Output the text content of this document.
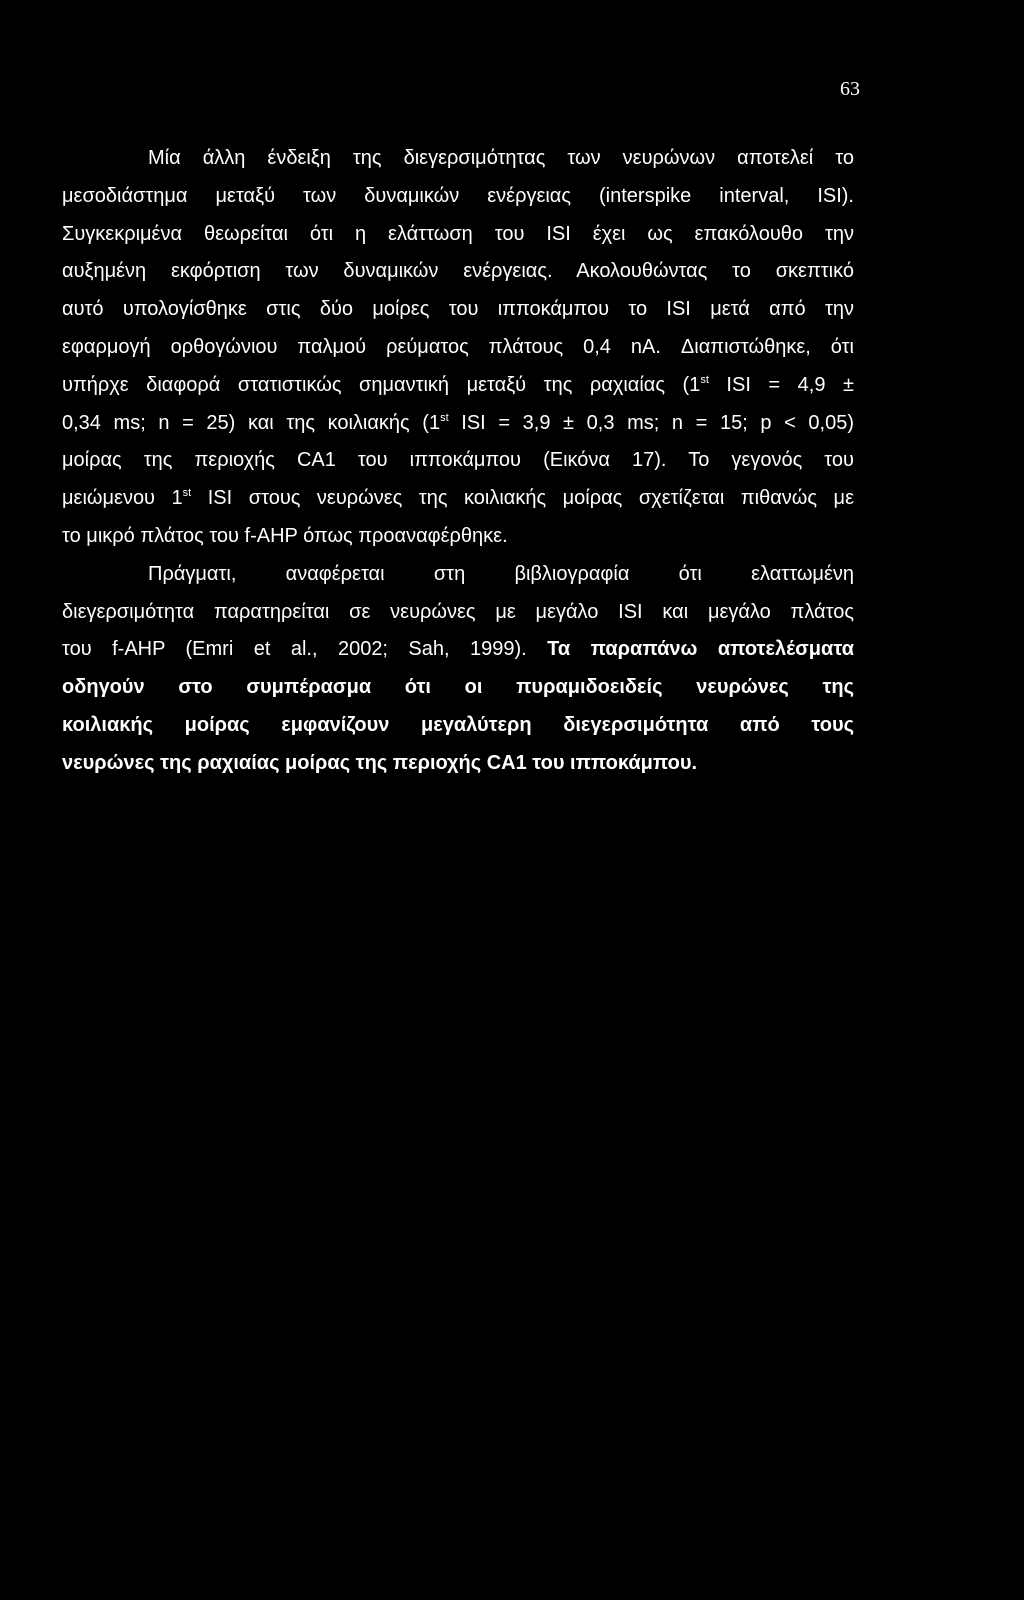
63
Μία άλλη ένδειξη της διεγερσιμότητας των νευρώνων αποτελεί το
μεσοδιάστημα μεταξύ των δυναμικών ενέργειας (interspike interval, ISI).
Συγκεκριμένα θεωρείται ότι η ελάττωση του ISI έχει ως επακόλουθο την
αυξημένη εκφόρτιση των δυναμικών ενέργειας. Ακολουθώντας το σκεπτικό
αυτό υπολογίσθηκε στις δύο μοίρες του ιπποκάμπου το ISI μετά από την
εφαρμογή ορθογώνιου παλμού ρεύματος πλάτους 0,4 nA. Διαπιστώθηκε, ότι
υπήρχε διαφορά στατιστικώς σημαντική μεταξύ της ραχιαίας (1st ISI = 4,9 ±
0,34 ms; n = 25) και της κοιλιακής (1st ISI = 3,9 ± 0,3 ms; n = 15; p < 0,05)
μοίρας της περιοχής CA1 του ιπποκάμπου (Εικόνα 17). Το γεγονός του
μειώμενου 1st ISI στους νευρώνες της κοιλιακής μοίρας σχετίζεται πιθανώς με
το μικρό πλάτος του f-AHP όπως προαναφέρθηκε.
Πράγματι, αναφέρεται στη βιβλιογραφία ότι ελαττωμένη
διεγερσιμότητα παρατηρείται σε νευρώνες με μεγάλο ISI και μεγάλο πλάτος
του f-AHP (Emri et al., 2002; Sah, 1999). Τα παραπάνω αποτελέσματα
οδηγούν στο συμπέρασμα ότι οι πυραμιδοειδείς νευρώνες της
κοιλιακής μοίρας εμφανίζουν μεγαλύτερη διεγερσιμότητα από τους
νευρώνες της ραχιαίας μοίρας της περιοχής CA1 του ιπποκάμπου.
